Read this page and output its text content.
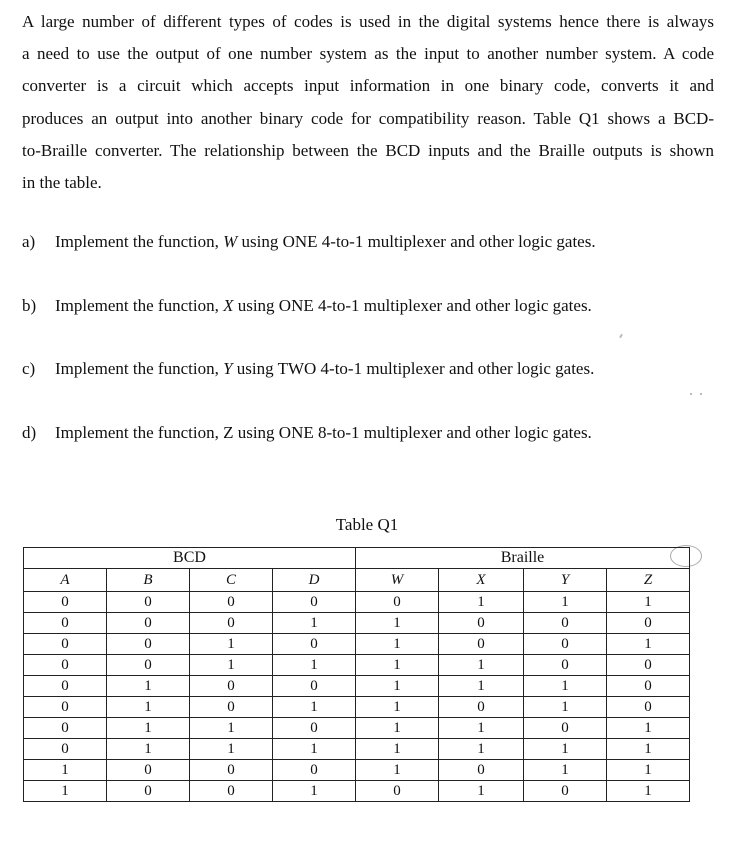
A large number of different types of codes is used in the digital systems hence there is always
a need to use the output of one number system as the input to another number system. A code
converter is a circuit which accepts input information in one binary code, converts it and
produces an output into another binary code for compatibility reason. Table Q1 shows a BCD-
to-Braille converter. The relationship between the BCD inputs and the Braille outputs is shown
in the table.
a) Implement the function, W using ONE 4-to-1 multiplexer and other logic gates.
b) Implement the function, X using ONE 4-to-1 multiplexer and other logic gates.
c) Implement the function, Y using TWO 4-to-1 multiplexer and other logic gates.
d) Implement the function, Z using ONE 8-to-1 multiplexer and other logic gates.
Table Q1
BCD				Braille			
A	B	C	D	W	X	Y	Z
0	0	0	0	0	1	1	1
0	0	0	1	1	0	0	0
0	0	1	0	1	0	0	1
0	0	1	1	1	1	0	0
0	1	0	0	1	1	1	0
0	1	0	1	1	0	1	0
0	1	1	0	1	1	0	1
0	1	1	1	1	1	1	1
1	0	0	0	1	0	1	1
1	0	0	1	0	1	0	1
